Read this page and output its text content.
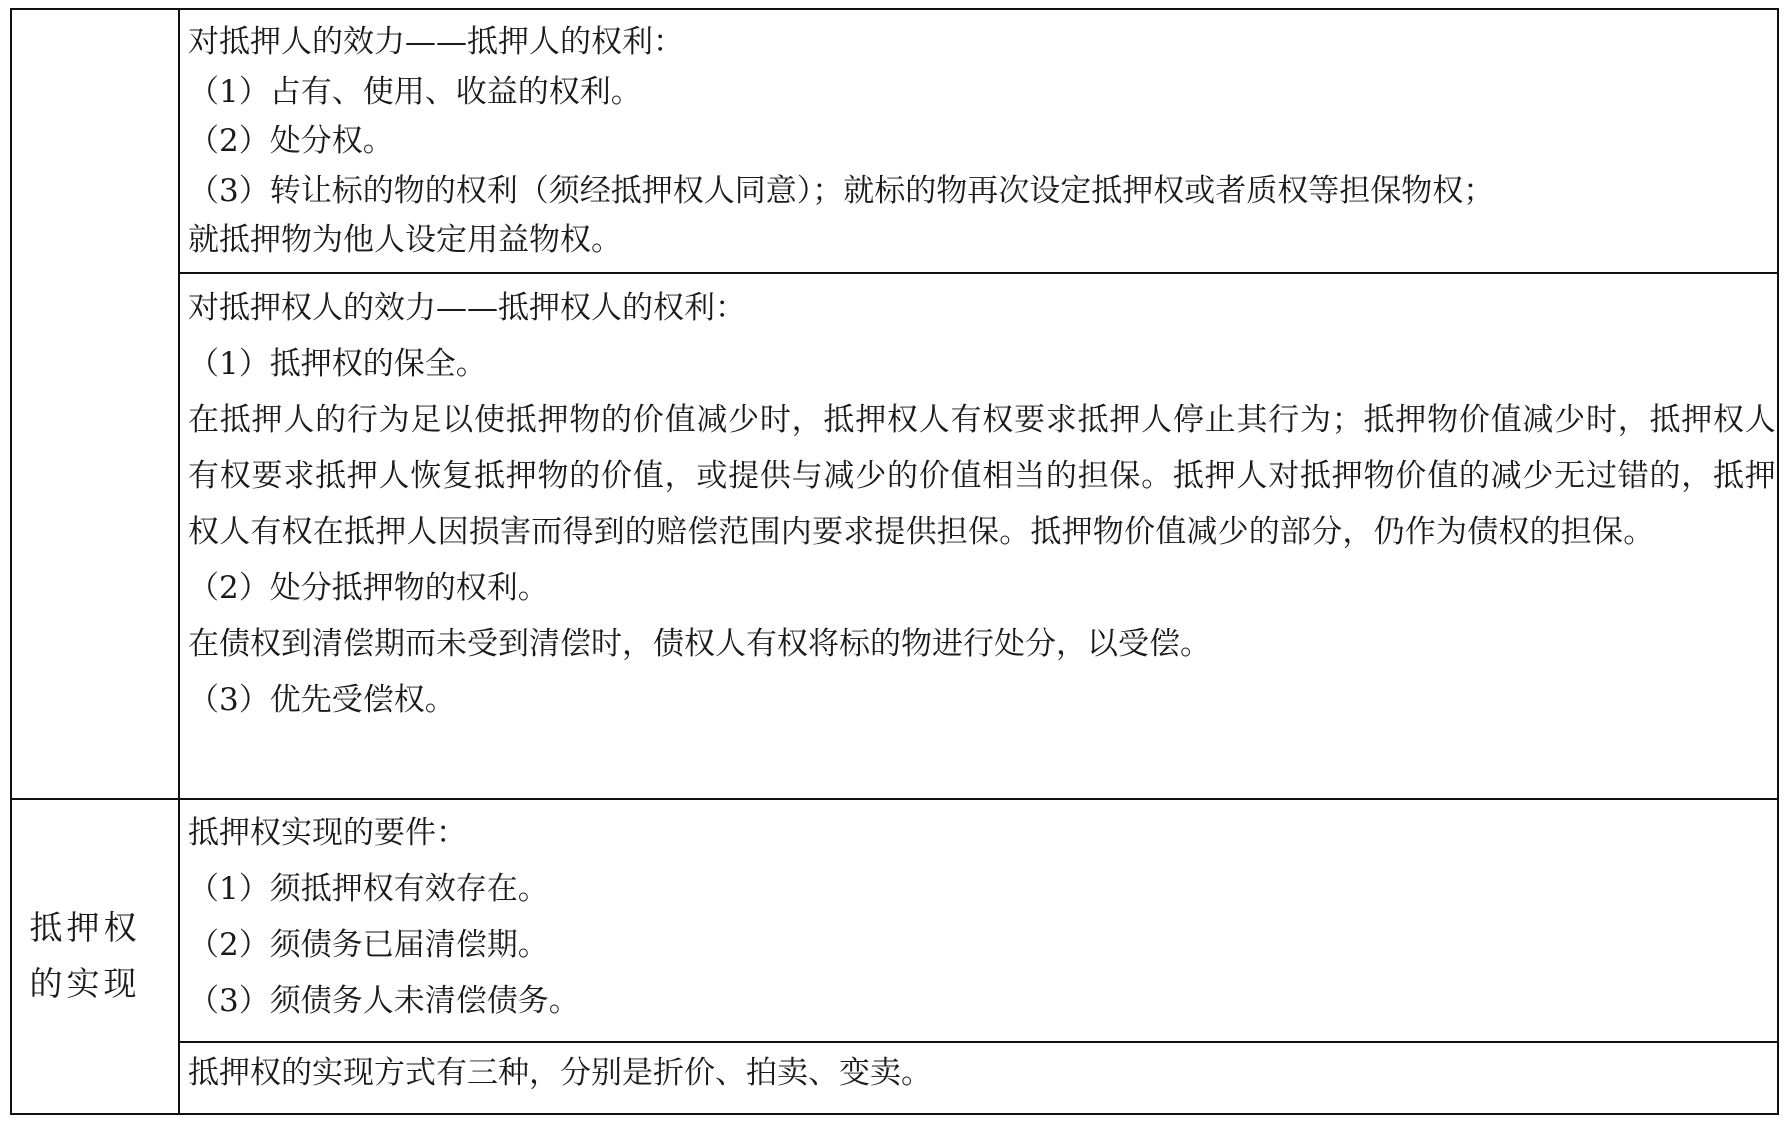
对抵押人的效力——抵押人的权利：
（1）占有、使用、收益的权利。
（2）处分权。
（3）转让标的物的权利（须经抵押权人同意）；就标的物再次设定抵押权或者质权等担保物权；
就抵押物为他人设定用益物权。
对抵押权人的效力——抵押权人的权利：
（1）抵押权的保全。
在抵押人的行为足以使抵押物的价值减少时，抵押权人有权要求抵押人停止其行为；抵押物价值减少时，抵押权人有权要求抵押人恢复抵押物的价值，或提供与减少的价值相当的担保。抵押人对抵押物价值的减少无过错的，抵押权人有权在抵押人因损害而得到的赔偿范围内要求提供担保。抵押物价值减少的部分，仍作为债权的担保。
（2）处分抵押物的权利。
在债权到清偿期而未受到清偿时，债权人有权将标的物进行处分，以受偿。
（3）优先受偿权。
抵押权
的实现
抵押权实现的要件：
（1）须抵押权有效存在。
（2）须债务已届清偿期。
（3）须债务人未清偿债务。
抵押权的实现方式有三种，分别是折价、拍卖、变卖。
